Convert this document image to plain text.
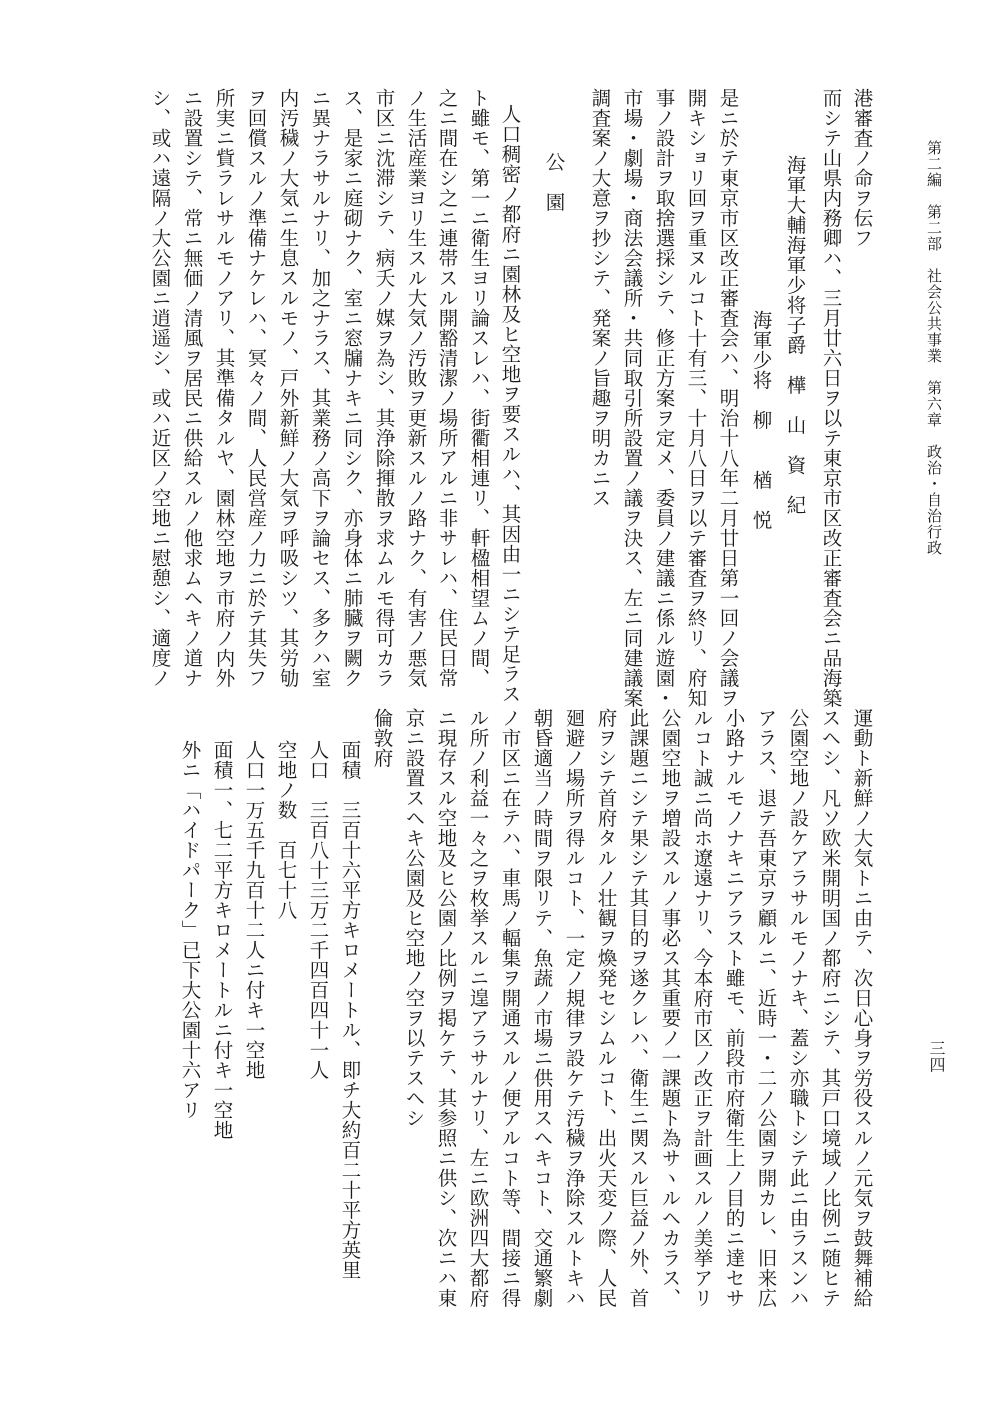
第二編　第二部　社会公共事業　第六章　政治・自治行政
三四
港審査ノ命ヲ伝フ
而シテ山県内務卿ハ、三月廿六日ヲ以テ東京市区改正審査会ニ品海築
海軍大輔海軍少将子爵　樺　山　資　紀
海軍少将　柳　　楢　悦
是ニ於テ東京市区改正審査会ハ、明治十八年二月廿日第一回ノ会議ヲ
開キショリ回ヲ重ヌルコト十有三、十月八日ヲ以テ審査ヲ終リ、府知
事ノ設計ヲ取捨選採シテ、修正方案ヲ定メ、委員ノ建議ニ係ル遊園・
市場・劇場・商法会議所・共同取引所設置ノ議ヲ決ス、左ニ同建議案
調査案ノ大意ヲ抄シテ、発案ノ旨趣ヲ明カニス
公　園
人口稠密ノ都府ニ園林及ヒ空地ヲ要スルハ、其因由一ニシテ足ラス
ト雖モ、第一ニ衛生ヨリ論スレハ、街衢相連リ、軒楹相望ムノ間、
之ニ間在シ之ニ連帯スル開豁清潔ノ場所アルニ非サレハ、住民日常
ノ生活産業ヨリ生スル大気ノ汚敗ヲ更新スルノ路ナク、有害ノ悪気
市区ニ沈滞シテ、病夭ノ媒ヲ為シ、其浄除揮散ヲ求ムルモ得可カラ
ス、是家ニ庭砌ナク、室ニ窓牖ナキニ同シク、亦身体ニ肺臓ヲ闕ク
ニ異ナラサルナリ、加之ナラス、其業務ノ高下ヲ論セス、多クハ室
内汚穢ノ大気ニ生息スルモノ、戸外新鮮ノ大気ヲ呼吸シツ、其労劬
ヲ回償スルノ準備ナケレハ、冥々ノ間、人民営産ノ力ニ於テ其失フ
所実ニ貲ラレサルモノアリ、其準備タルヤ、園林空地ヲ市府ノ内外
ニ設置シテ、常ニ無価ノ清風ヲ居民ニ供給スルノ他求ムヘキノ道ナ
シ、或ハ遠隔ノ大公園ニ逍遥シ、或ハ近区ノ空地ニ慰憩シ、適度ノ
運動ト新鮮ノ大気トニ由テ、次日心身ヲ労役スルノ元気ヲ鼓舞補給
スヘシ、凡ソ欧米開明国ノ都府ニシテ、其戸口境域ノ比例ニ随ヒテ
公園空地ノ設ケアラサルモノナキ、蓋シ亦職トシテ此ニ由ラスンハ
アラス、退テ吾東京ヲ顧ルニ、近時一・二ノ公園ヲ開カレ、旧来広
小路ナルモノナキニアラスト雖モ、前段市府衛生上ノ目的ニ達セサ
ルコト誠ニ尚ホ遼遠ナリ、今本府市区ノ改正ヲ計画スルノ美挙アリ
公園空地ヲ増設スルノ事必ス其重要ノ一課題ト為サヽルヘカラス、
此課題ニシテ果シテ其目的ヲ遂クレハ、衛生ニ関スル巨益ノ外、首
府ヲシテ首府タルノ壮観ヲ煥発セシムルコト、出火天変ノ際、人民
廻避ノ場所ヲ得ルコト、一定ノ規律ヲ設ケテ汚穢ヲ浄除スルトキハ
朝昏適当ノ時間ヲ限リテ、魚蔬ノ市場ニ供用スヘキコト、交通繁劇
ノ市区ニ在テハ、車馬ノ輻集ヲ開通スルノ便アルコト等、間接ニ得
ル所ノ利益一々之ヲ枚挙スルニ遑アラサルナリ、左ニ欧洲四大都府
ニ現存スル空地及ヒ公園ノ比例ヲ掲ケテ、其参照ニ供シ、次ニハ東
京ニ設置スヘキ公園及ヒ空地ノ空ヲ以テスヘシ
倫敦府
面積　三百十六平方キロメートル、即チ大約百二十平方英里
人口　三百八十三万二千四百四十一人
空地ノ数　百七十八
人口一万五千九百十二人ニ付キ一空地
面積一、七二平方キロメートルニ付キ一空地
外ニ「ハイドパーク」已下大公園十六アリ
